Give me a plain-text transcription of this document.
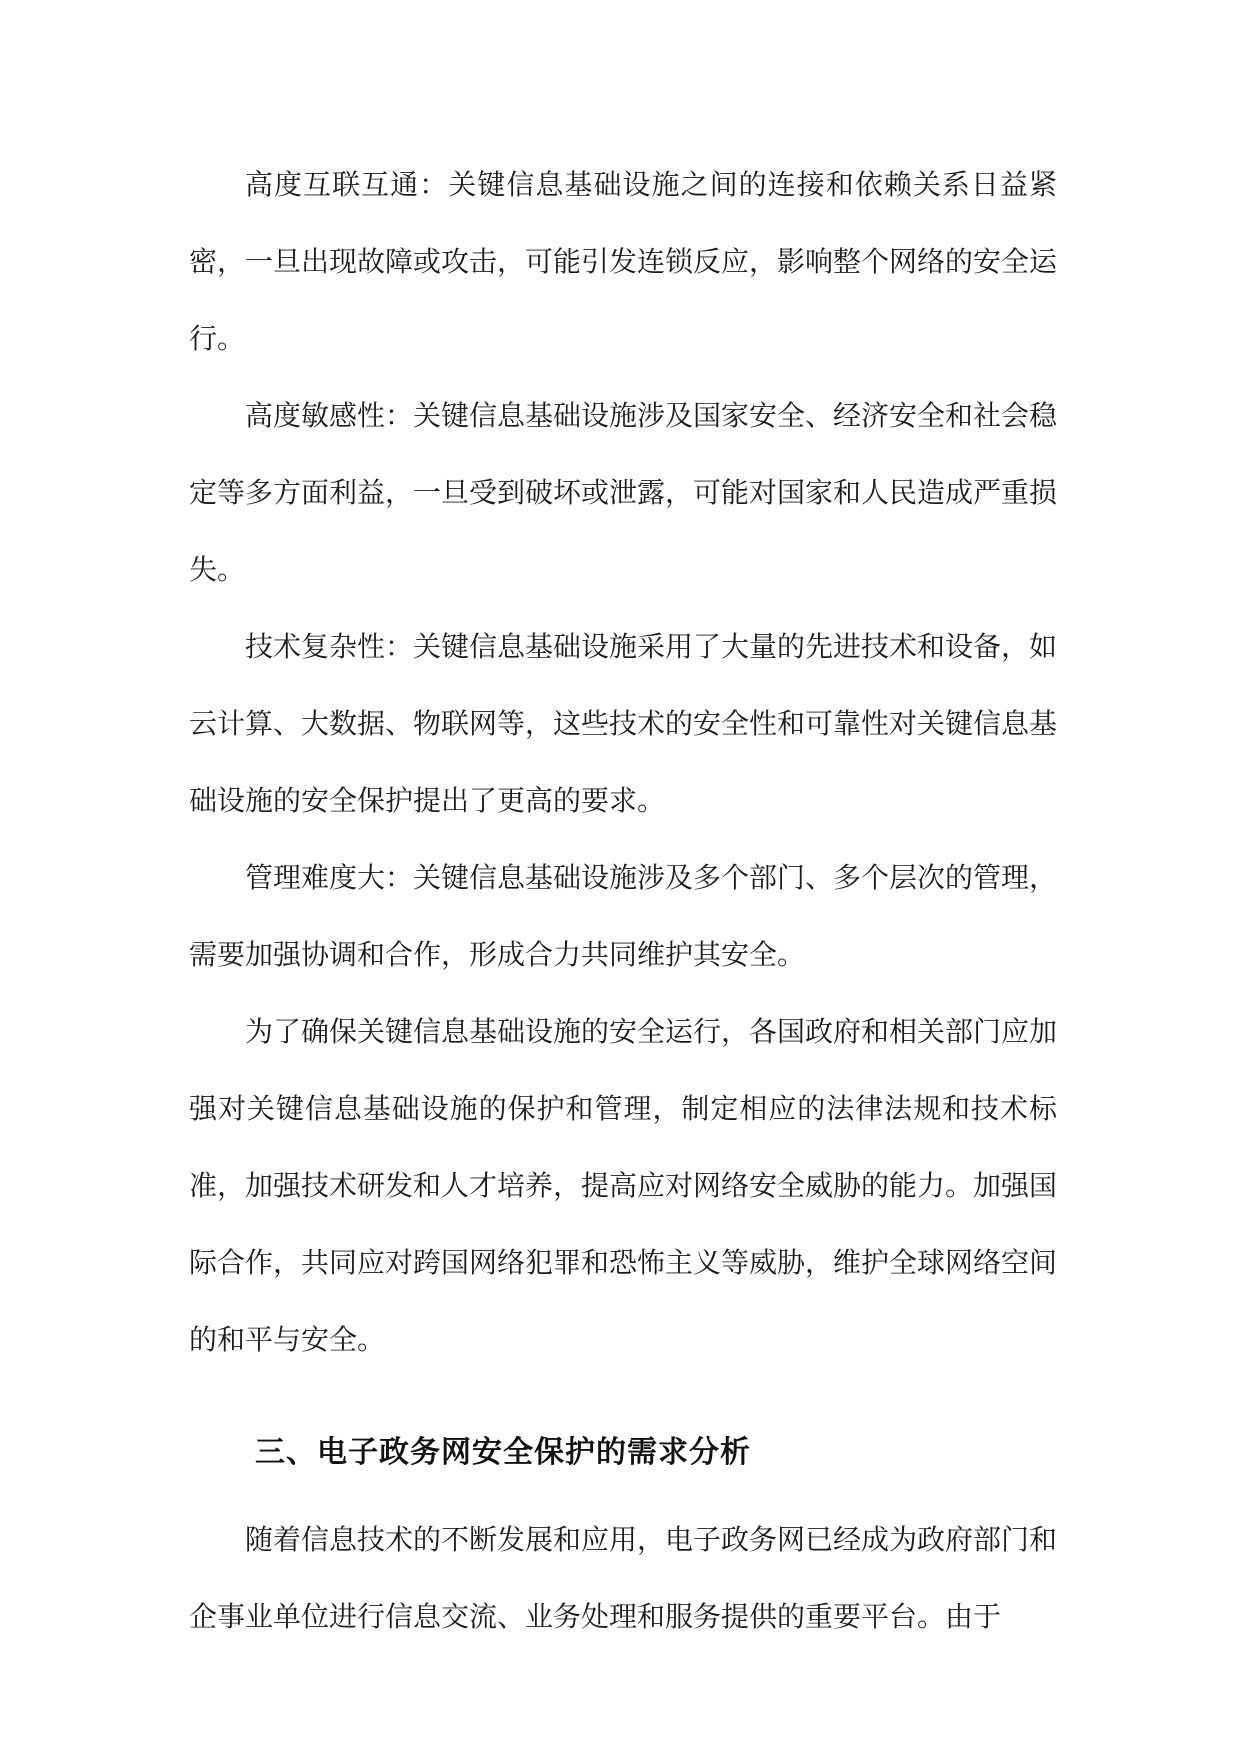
高度互联互通：关键信息基础设施之间的连接和依赖关系日益紧密，一旦出现故障或攻击，可能引发连锁反应，影响整个网络的安全运行。

高度敏感性：关键信息基础设施涉及国家安全、经济安全和社会稳定等多方面利益，一旦受到破坏或泄露，可能对国家和人民造成严重损失。

技术复杂性：关键信息基础设施采用了大量的先进技术和设备，如云计算、大数据、物联网等，这些技术的安全性和可靠性对关键信息基础设施的安全保护提出了更高的要求。

管理难度大：关键信息基础设施涉及多个部门、多个层次的管理，需要加强协调和合作，形成合力共同维护其安全。

为了确保关键信息基础设施的安全运行，各国政府和相关部门应加强对关键信息基础设施的保护和管理，制定相应的法律法规和技术标准，加强技术研发和人才培养，提高应对网络安全威胁的能力。加强国际合作，共同应对跨国网络犯罪和恐怖主义等威胁，维护全球网络空间的和平与安全。

三、电子政务网安全保护的需求分析

随着信息技术的不断发展和应用，电子政务网已经成为政府部门和企事业单位进行信息交流、业务处理和服务提供的重要平台。由于
